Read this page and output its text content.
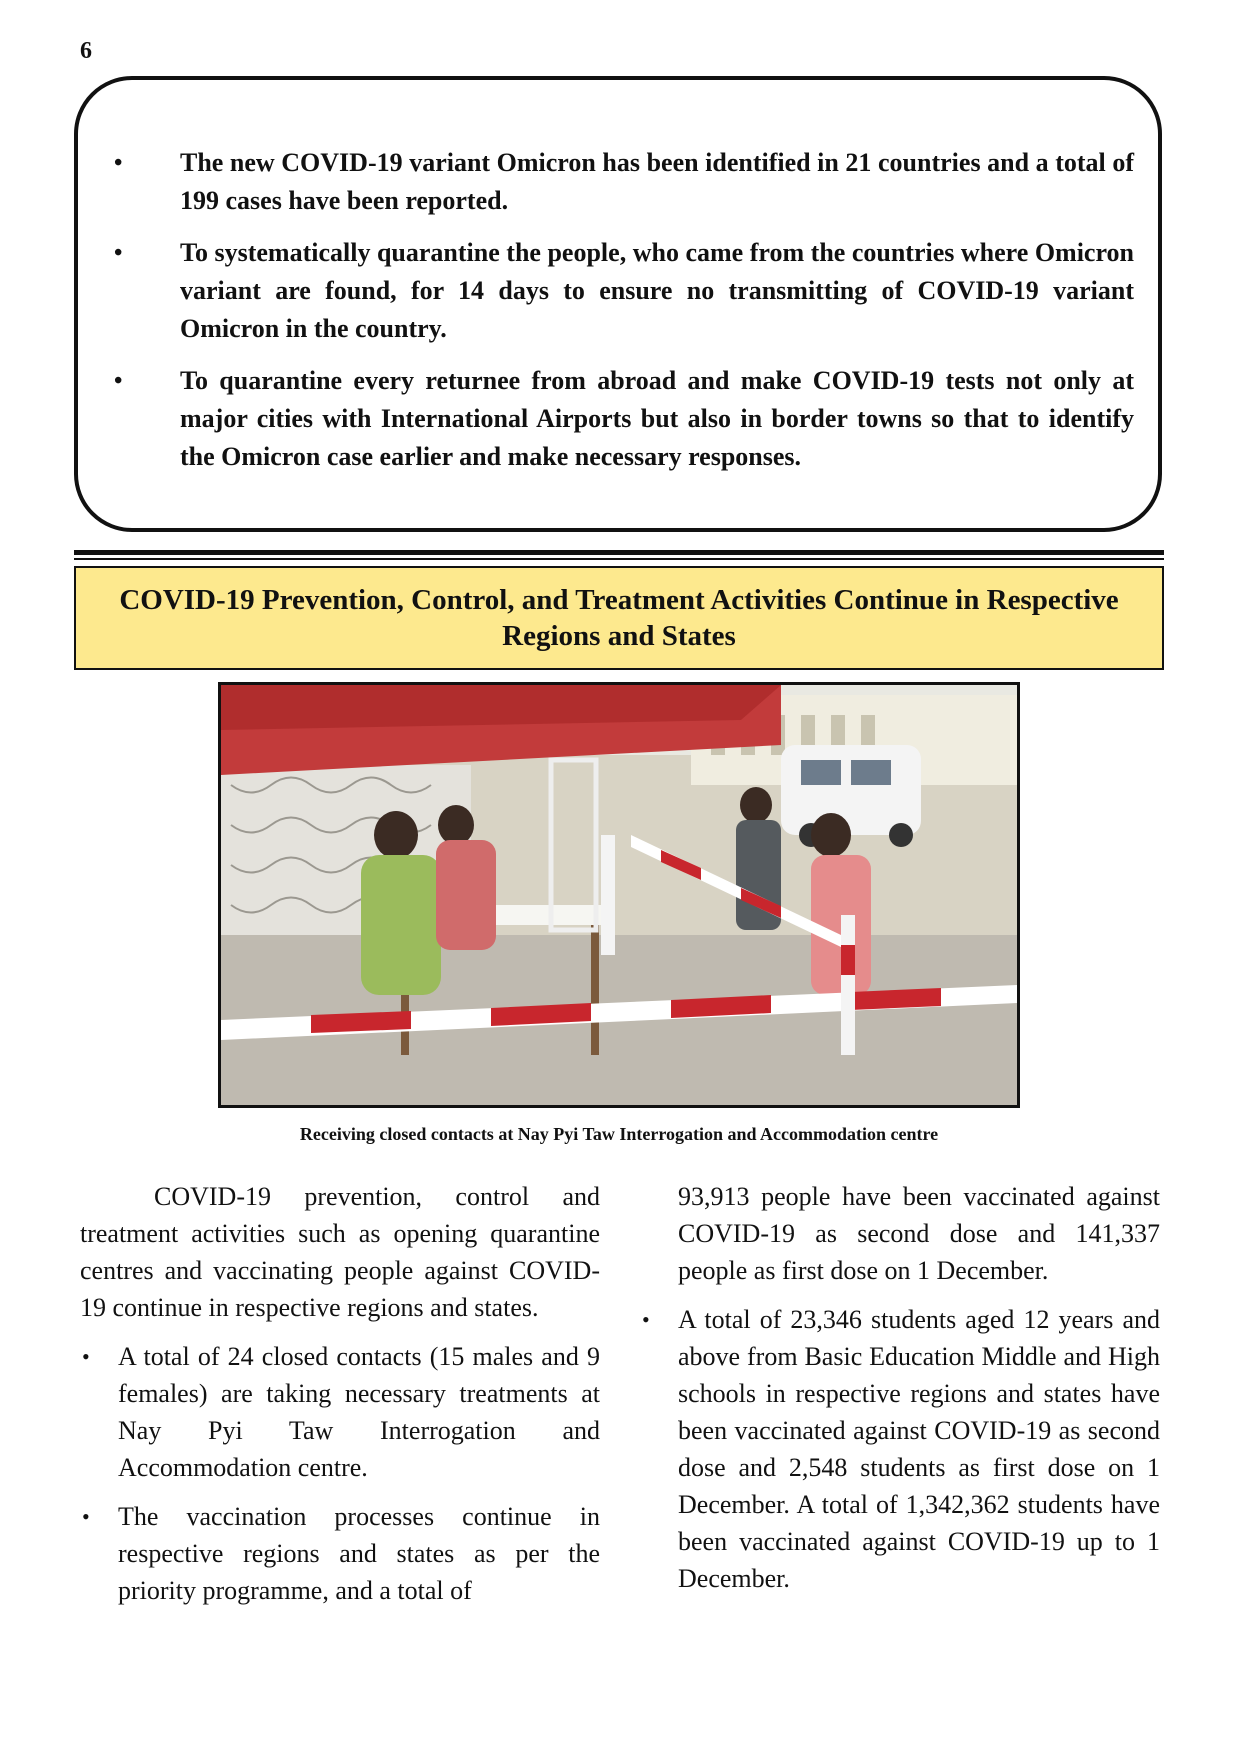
6
• The new COVID-19 variant Omicron has been identified in 21 countries and a total of 199 cases have been reported.
• To systematically quarantine the people, who came from the countries where Omicron variant are found, for 14 days to ensure no transmitting of COVID-19 variant Omicron in the country.
• To quarantine every returnee from abroad and make COVID-19 tests not only at major cities with International Airports but also in border towns so that to identify the Omicron case earlier and make necessary responses.
COVID-19 Prevention, Control, and Treatment Activities Continue in Respective Regions and States
Receiving closed contacts at Nay Pyi Taw Interrogation and Accommodation centre

COVID-19 prevention, control and treatment activities such as opening quarantine centres and vaccinating people against COVID-19 continue in respective regions and states.

• A total of 24 closed contacts (15 males and 9 females) are taking necessary treatments at Nay Pyi Taw Interrogation and Accommodation centre.
• The vaccination processes continue in respective regions and states as per the priority programme, and a total of

93,913 people have been vaccinated against COVID-19 as second dose and 141,337 people as first dose on 1 December.

• A total of 23,346 students aged 12 years and above from Basic Education Middle and High schools in respective regions and states have been vaccinated against COVID-19 as second dose and 2,548 students as first dose on 1 December. A total of 1,342,362 students have been vaccinated against COVID-19 up to 1 December.
